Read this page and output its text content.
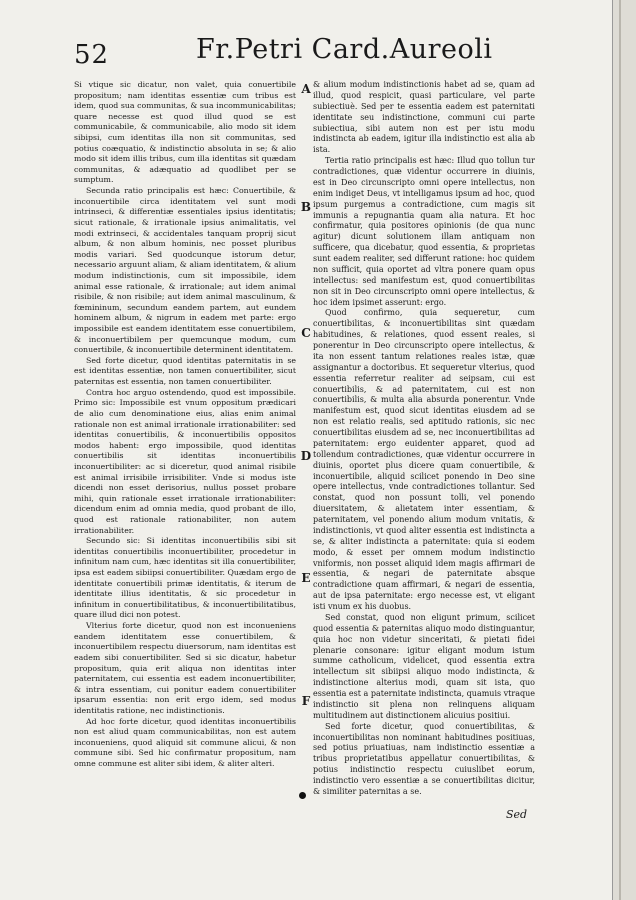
52	Fr.Petri Card.Aureoli

Si vtique sic dicatur, non valet, quia conuertibile propositum; nam identitas essentiæ cum tribus est idem, quod sua communitas, & sua incommunicabilitas; quare necesse est quod illud quod se est communicabile, & communicabile, alio modo sit idem sibipsi, cum identitas illa non sit communitas, sed potius coæquatio, & indistinctio absoluta in se; & alio modo sit idem illis tribus, cum illa identitas sit quædam communitas, & adæquatio ad quodlibet per se sumptum.

Secunda ratio principalis est hæc: Conuertibile, & inconuertibile circa identitatem vel sunt modi intrinseci, & differentiæ essentiales ipsius identitatis; sicut rationale, & irrationale ipsius animalitatis, vel modi extrinseci, & accidentales tanquam proprij sicut album, & non album hominis, nec posset pluribus modis variari. Sed quodcunque istorum detur, necessario arguunt aliam, & aliam identitatem, & alium modum indistinctionis, cum sit impossibile, idem animal esse rationale, & irrationale; aut idem animal risibile, & non risibile; aut idem animal masculinum, & fœmininum, secundum eandem partem, aut eundem hominem album, & nigrum in eadem met parte: ergo impossibile est eandem identitatem esse conuertibilem, & inconuertibilem per quemcunque modum, cum conuertibile, & inconuertibile determinent identitatem.

Sed forte dicetur, quod identitas paternitatis in se est identitas essentiæ, non tamen conuertibiliter, sicut paternitas est essentia, non tamen conuertibiliter.

Contra hoc arguo ostendendo, quod est impossibile. Primo sic: Impossibile est vnum oppositum prædicari de alio cum denominatione eius, alias enim animal rationale non est animal irrationale irrationabiliter: sed identitas conuertibilis, & inconuertibilis oppositos modos habent: ergo impossibile, quod identitas conuertibilis sit identitas inconuertibilis inconuertibiliter: ac si diceretur, quod animal risibile est animal irrisibile irrisibiliter. Vnde si modus iste dicendi non esset derisorius, nullus posset probare mihi, quin rationale esset irrationale irrationabiliter: dicendum enim ad omnia media, quod probant de illo, quod est rationale rationabiliter, non autem irrationabiliter.

Secundo sic: Si identitas inconuertibilis sibi sit identitas conuertibilis inconuertibiliter, procedetur in infinitum nam cum, hæc identitas sit illa conuertibiliter, ipsa est eadem sibiipsi conuertibiliter. Quædam ergo de identitate conuertibili primæ identitatis, & iterum de identitate illius identitatis, & sic procedetur in infinitum in conuertibilitatibus, & inconuertibilitatibus, quare illud dici non potest.

Vlterius forte dicetur, quod non est inconueniens eandem identitatem esse conuertibilem, & inconuertibilem respectu diuersorum, nam identitas est eadem sibi conuertibiliter. Sed si sic dicatur, habetur propositum, quia erit aliqua non identitas inter paternitatem, cui essentia est eadem inconuertibiliter, & intra essentiam, cui ponitur eadem conuertibiliter ipsarum essentia: non erit ergo idem, sed modus identitatis ratione, nec indistinctionis.

Ad hoc forte dicetur, quod identitas inconuertibilis non est aliud quam communicabilitas, non est autem inconueniens, quod aliquid sit commune alicui, & non commune sibi. Sed hic confirmatur propositum, nam omne commune est aliter sibi idem, & aliter alteri.

A
B
C
D
E
F

& alium modum indistinctionis habet ad se, quam ad illud, quod respicit, quasi particulare, vel parte subiectiuè. Sed per te essentia eadem est paternitati identitate seu indistinctione, communi cui parte subiectiua, sibi autem non est per istu modu indistincta ab eadem, igitur illa indistinctio est alia ab ista.

Tertia ratio principalis est hæc: Illud quo tollun tur contradictiones, quæ videntur occurrere in diuinis, est in Deo circunscripto omni opere intellectus, non enim indiget Deus, vt intelligamus ipsum ad hoc, quod ipsum purgemus a contradictione, cum magis sit immunis a repugnantia quam alia natura. Et hoc confirmatur, quia positores opinionis (de qua nunc agitur) dicunt solutionem illam antiquam non sufficere, qua dicebatur, quod essentia, & proprietas sunt eadem realiter, sed differunt ratione: hoc quidem non sufficit, quia oportet ad vltra ponere quam opus intellectus: sed manifestum est, quod conuertibilitas non sit in Deo circunscripto omni opere intellectus, & hoc idem ipsimet asserunt: ergo.

Quod confirmo, quia sequeretur, cum conuertibilitas, & inconuertibilitas sint quædam habitudines, & relationes, quod essent reales, si ponerentur in Deo circunscripto opere intellectus, & ita non essent tantum relationes reales istæ, quæ assignantur a doctoribus. Et sequeretur vlterius, quod essentia referretur realiter ad seipsam, cui est conuertibilis, & ad paternitatem, cui est non conuertibilis, & multa alia absurda ponerentur. Vnde manifestum est, quod sicut identitas eiusdem ad se non est relatio realis, sed aptitudo rationis, sic nec conuertibilitas eiusdem ad se, nec inconuertibilitas ad paternitatem: ergo euidenter apparet, quod ad tollendum contradictiones, quæ videntur occurrere in diuinis, oportet plus dicere quam conuertibile, & inconuertibile, aliquid scilicet ponendo in Deo sine opere intellectus, vnde contradictiones tollantur. Sed constat, quod non possunt tolli, vel ponendo diuersitatem, & alietatem inter essentiam, & paternitatem, vel ponendo alium modum vnitatis, & indistinctionis, vt quod aliter essentia est indistincta a se, & aliter indistincta a paternitate: quia si eodem modo, & esset per omnem modum indistinctio vniformis, non posset aliquid idem magis affirmari de essentia, & negari de paternitate absque contradictione quam affirmari, & negari de essentia, aut de ipsa paternitate: ergo necesse est, vt eligant isti vnum ex his duobus.

Sed constat, quod non eligunt primum, scilicet quod essentia & paternitas aliquo modo distinguantur, quia hoc non videtur sinceritati, & pietati fidei plenarie consonare: igitur eligant modum istum summe catholicum, videlicet, quod essentia extra intellectum sit sibiipsi aliquo modo indistincta, & indistinctione alterius modi, quam sit ista, quo essentia est a paternitate indistincta, quamuis vtraque indistinctio sit plena non relinquens aliquam multitudinem aut distinctionem alicuius positiui.

Sed forte dicetur, quod conuertibilitas, & inconuertibilitas non nominant habitudines positiuas, sed potius priuatiuas, nam indistinctio essentiæ a tribus proprietatibus appellatur conuertibilitas, & potius indistinctio respectu cuiuslibet eorum, indistinctio vero essentiæ a se conuertibilitas dicitur, & similiter paternitas a se.

Sed
